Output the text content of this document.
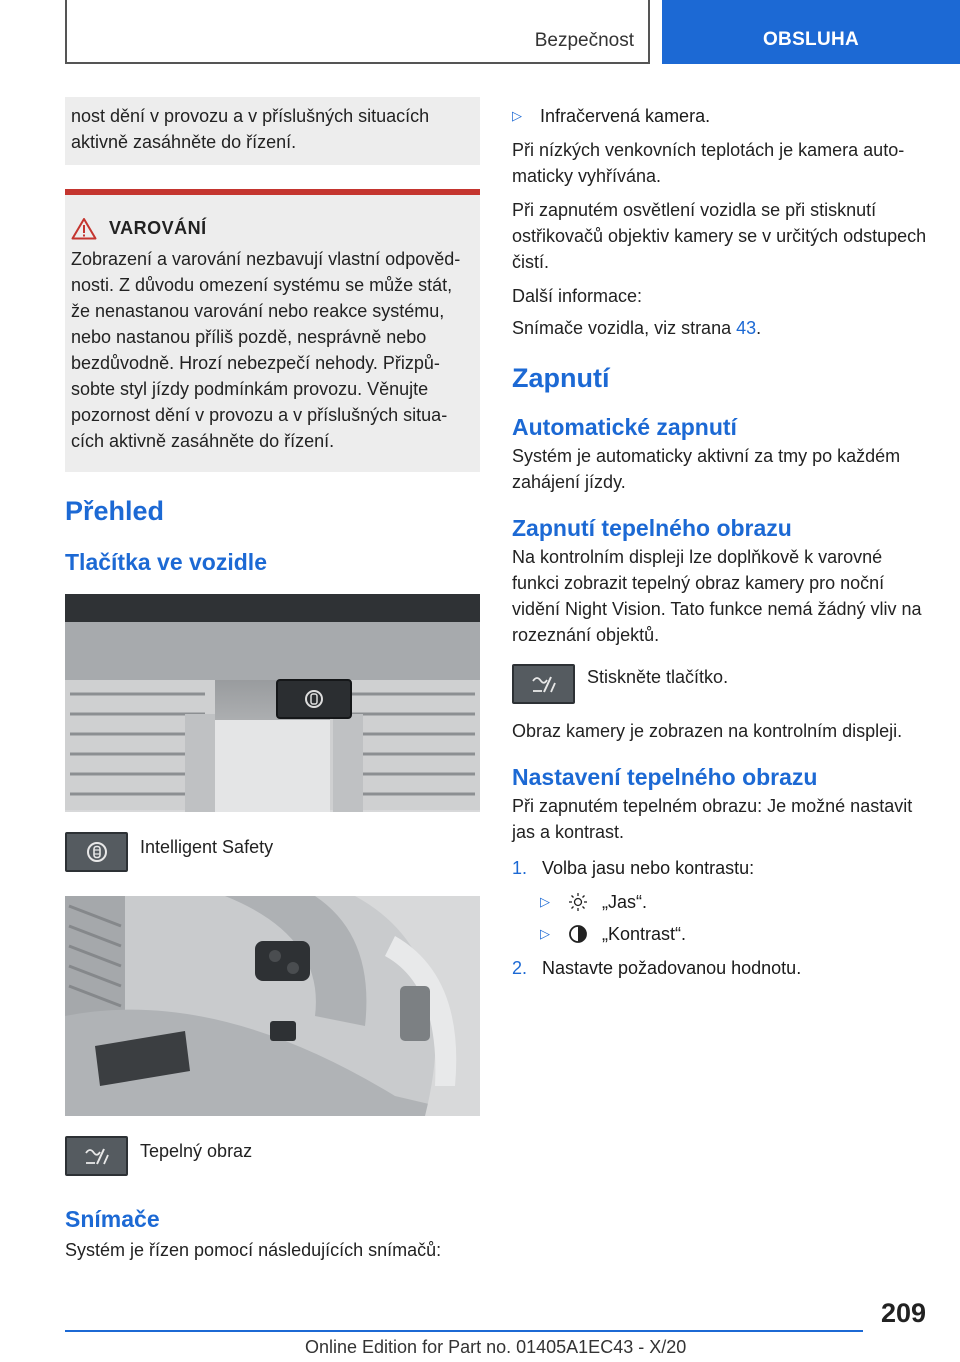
Bezpečnost	OBSLUHA
nost dění v provozu a v příslušných situacích aktivně zasáhněte do řízení.
VAROVÁNÍ
Zobrazení a varování nezbavují vlastní odpovědnosti. Z důvodu omezení systému se může stát, že nenastanou varování nebo reakce systému, nebo nastanou příliš pozdě, nesprávně nebo bezdůvodně. Hrozí nebezpečí nehody. Přizpůsobte styl jízdy podmínkám provozu. Věnujte pozornost dění v provozu a v příslušných situacích aktivně zasáhněte do řízení.
Přehled
Tlačítka ve vozidle
Intelligent Safety
Tepelný obraz
Snímače
Systém je řízen pomocí následujících snímačů:
▷ Infračervená kamera.
Při nízkých venkovních teplotách je kamera automaticky vyhřívána.
Při zapnutém osvětlení vozidla se při stisknutí ostřikovačů objektiv kamery se v určitých odstupech čistí.
Další informace:
Snímače vozidla, viz strana 43.
Zapnutí
Automatické zapnutí
Systém je automaticky aktivní za tmy po každém zahájení jízdy.
Zapnutí tepelného obrazu
Na kontrolním displeji lze doplňkově k varovné funkci zobrazit tepelný obraz kamery pro noční vidění Night Vision. Tato funkce nemá žádný vliv na rozeznání objektů.
Stiskněte tlačítko.
Obraz kamery je zobrazen na kontrolním displeji.
Nastavení tepelného obrazu
Při zapnutém tepelném obrazu: Je možné nastavit jas a kontrast.
1. Volba jasu nebo kontrastu:
▷	„Jas“.
▷	„Kontrast“.
2. Nastavte požadovanou hodnotu.
209
Online Edition for Part no. 01405A1EC43 - X/20
